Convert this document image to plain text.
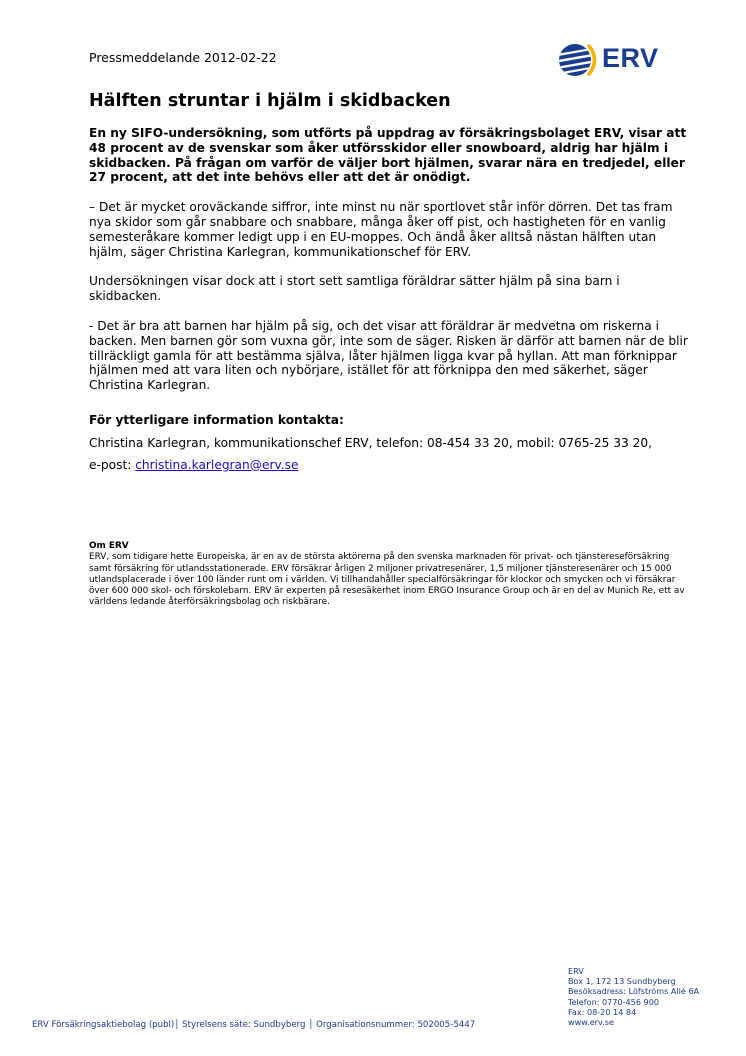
Pressmeddelande 2012-02-22	ERV
Hälften struntar i hjälm i skidbacken

En ny SIFO-undersökning, som utförts på uppdrag av försäkringsbolaget ERV, visar att 48 procent av de svenskar som åker utförsskidor eller snowboard, aldrig har hjälm i skidbacken. På frågan om varför de väljer bort hjälmen, svarar nära en tredjedel, eller 27 procent, att det inte behövs eller att det är onödigt.

– Det är mycket oroväckande siffror, inte minst nu när sportlovet står inför dörren. Det tas fram nya skidor som går snabbare och snabbare, många åker off pist, och hastigheten för en vanlig semesteråkare kommer ledigt upp i en EU-moppes. Och ändå åker alltså nästan hälften utan hjälm, säger Christina Karlegran, kommunikationschef för ERV.

Undersökningen visar dock att i stort sett samtliga föräldrar sätter hjälm på sina barn i skidbacken.

- Det är bra att barnen har hjälm på sig, och det visar att föräldrar är medvetna om riskerna i backen. Men barnen gör som vuxna gör, inte som de säger. Risken är därför att barnen när de blir tillräckligt gamla för att bestämma själva, låter hjälmen ligga kvar på hyllan. Att man förknippar hjälmen med att vara liten och nybörjare, istället för att förknippa den med säkerhet, säger Christina Karlegran.

För ytterligare information kontakta:
Christina Karlegran, kommunikationschef ERV, telefon: 08-454 33 20, mobil: 0765-25 33 20,
e-post: christina.karlegran@erv.se
Om ERV
ERV, som tidigare hette Europeiska, är en av de största aktörerna på den svenska marknaden för privat- och tjänstereseförsäkring samt försäkring för utlandsstationerade. ERV försäkrar årligen 2 miljoner privatresenärer, 1,5 miljoner tjänsteresenärer och 15 000 utlandsplacerade i över 100 länder runt om i världen. Vi tillhandahåller specialförsäkringar för klockor och smycken och vi försäkrar över 600 000 skol- och förskolebarn. ERV är experten på resesäkerhet inom ERGO Insurance Group och är en del av Munich Re, ett av världens ledande återförsäkringsbolag och riskbärare.
ERV
Box 1, 172 13 Sundbyberg
Besöksadress: Löfströms Allé 6A
Telefon: 0770-456 900
Fax: 08-20 14 84
www.erv.se
ERV Försäkringsaktiebolag (publ)│ Styrelsens säte: Sundbyberg │ Organisationsnummer: 502005-5447
